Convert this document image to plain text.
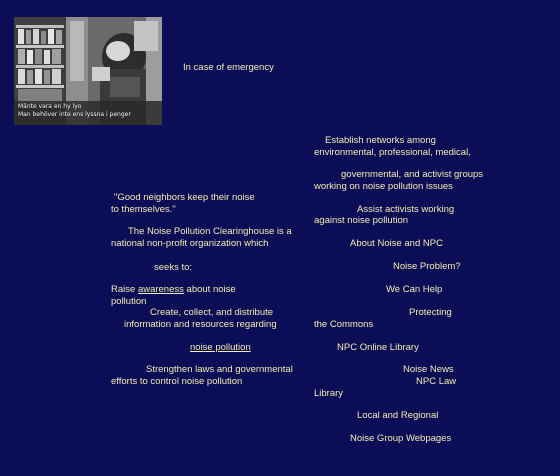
Mänte vara en hy lyo
Man behöver inte ens lyssna i penger
In case of emergency
"Good neighbors keep their noise
to themselves."
The Noise Pollution Clearinghouse is a
national non-profit organization which
seeks to:
Raise awareness about noise
pollution
Create, collect, and distribute
information and resources regarding
noise pollution
Strengthen laws and governmental
efforts to control noise pollution
Establish networks among
environmental, professional, medical,
governmental, and activist groups
working on noise pollution issues
Assist activists working
against noise pollution
About Noise and NPC
Noise Problem?
We Can Help
Protecting
the Commons
NPC Online Library
Noise News
NPC Law
Library
Local and Regional
Noise Group Webpages
